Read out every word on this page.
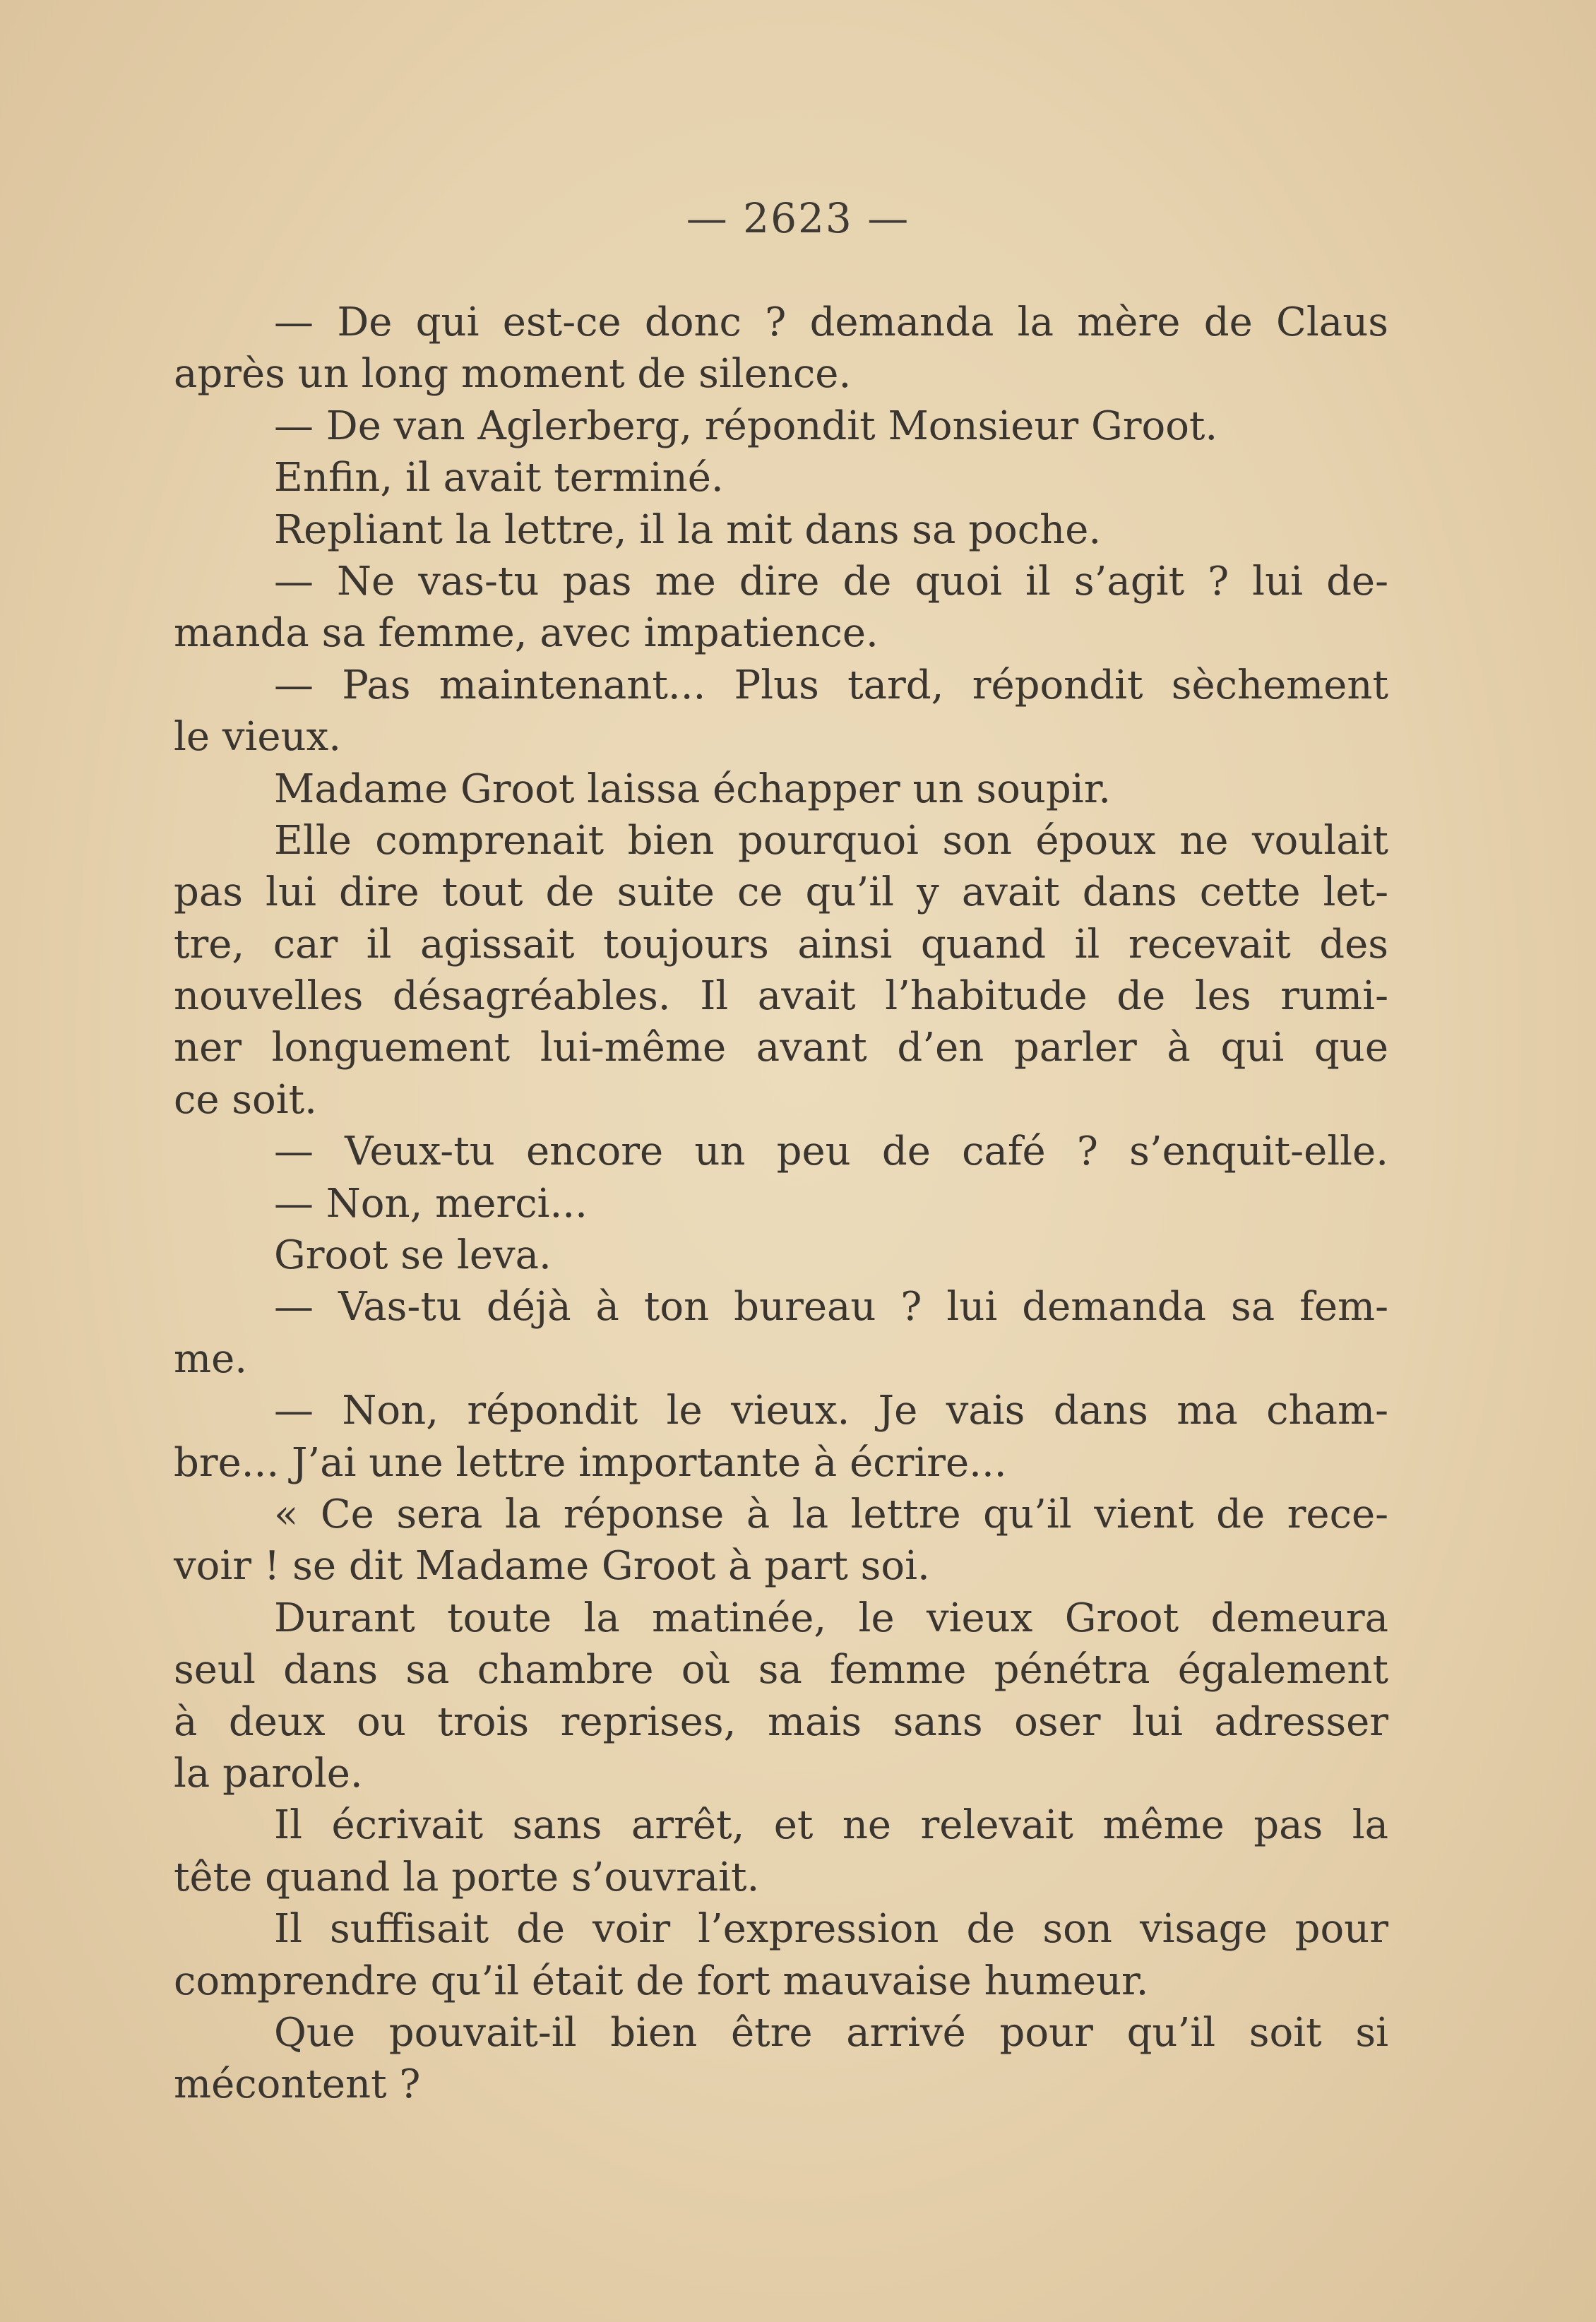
— 2623 —
— De qui est-ce donc ? demanda la mère de Claus
après un long moment de silence.
— De van Aglerberg, répondit Monsieur Groot.
Enfin, il avait terminé.
Repliant la lettre, il la mit dans sa poche.
— Ne vas-tu pas me dire de quoi il s’agit ? lui de-
manda sa femme, avec impatience.
— Pas maintenant... Plus tard, répondit sèchement
le vieux.
Madame Groot laissa échapper un soupir.
Elle comprenait bien pourquoi son époux ne voulait
pas lui dire tout de suite ce qu’il y avait dans cette let-
tre, car il agissait toujours ainsi quand il recevait des
nouvelles désagréables. Il avait l’habitude de les rumi-
ner longuement lui-même avant d’en parler à qui que
ce soit.
— Veux-tu encore un peu de café ? s’enquit-elle.
— Non, merci...
Groot se leva.
— Vas-tu déjà à ton bureau ? lui demanda sa fem-
me.
— Non, répondit le vieux. Je vais dans ma cham-
bre... J’ai une lettre importante à écrire...
« Ce sera la réponse à la lettre qu’il vient de rece-
voir ! se dit Madame Groot à part soi.
Durant toute la matinée, le vieux Groot demeura
seul dans sa chambre où sa femme pénétra également
à deux ou trois reprises, mais sans oser lui adresser
la parole.
Il écrivait sans arrêt, et ne relevait même pas la
tête quand la porte s’ouvrait.
Il suffisait de voir l’expression de son visage pour
comprendre qu’il était de fort mauvaise humeur.
Que pouvait-il bien être arrivé pour qu’il soit si
mécontent ?
